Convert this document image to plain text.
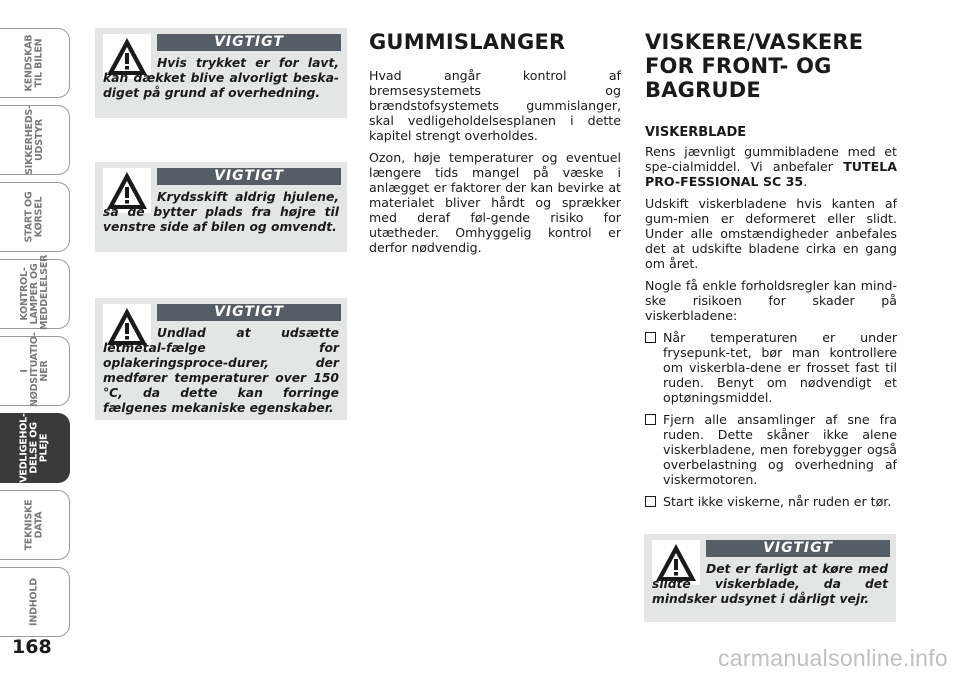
KENDSKAB
TIL BILEN
SIKKERHEDS-
UDSTYR
START OG
KØRSEL
KONTROL-
LAMPER OG
MEDDELELSER
I
NØDSITUATIO-
NER
VEDLIGEHOL-
DELSE OG PLEJE
TEKNISKE
DATA
INDHOLD
168
VIGTIGT
Hvis trykket er for lavt, kan dækket blive alvorligt beska-diget på grund af overhedning.
VIGTIGT
Krydsskift aldrig hjulene, så de bytter plads fra højre til venstre side af bilen og omvendt.
VIGTIGT
Undlad at udsætte letmetal-fælge for oplakeringsproce-durer, der medfører temperaturer over 150 °C, da dette kan forringe fælgenes mekaniske egenskaber.
GUMMISLANGER
Hvad angår kontrol af bremsesystemets og brændstofsystemets gummislanger, skal vedligeholdelsesplanen i dette kapitel strengt overholdes.
Ozon, høje temperaturer og eventuel længere tids mangel på væske i anlægget er faktorer der kan bevirke at materialet bliver hårdt og sprækker med deraf føl-gende risiko for utætheder. Omhyggelig kontrol er derfor nødvendig.
VISKERE/VASKERE FOR FRONT- OG BAGRUDE
VISKERBLADE
Rens jævnligt gummibladene med et spe-cialmiddel. Vi anbefaler TUTELA PRO-FESSIONAL SC 35.
Udskift viskerbladene hvis kanten af gum-mien er deformeret eller slidt. Under alle omstændigheder anbefales det at udskifte bladene cirka en gang om året.
Nogle få enkle forholdsregler kan mind-ske risikoen for skader på viskerbladene:
Når temperaturen er under frysepunk-tet, bør man kontrollere om viskerbla-dene er frosset fast til ruden. Benyt om nødvendigt et optøningsmiddel.
Fjern alle ansamlinger af sne fra ruden. Dette skåner ikke alene viskerbladene, men forebygger også overbelastning og overhedning af viskermotoren.
Start ikke viskerne, når ruden er tør.
VIGTIGT
Det er farligt at køre med slidte viskerblade, da det mindsker udsynet i dårligt vejr.
carmanualsonline.info
